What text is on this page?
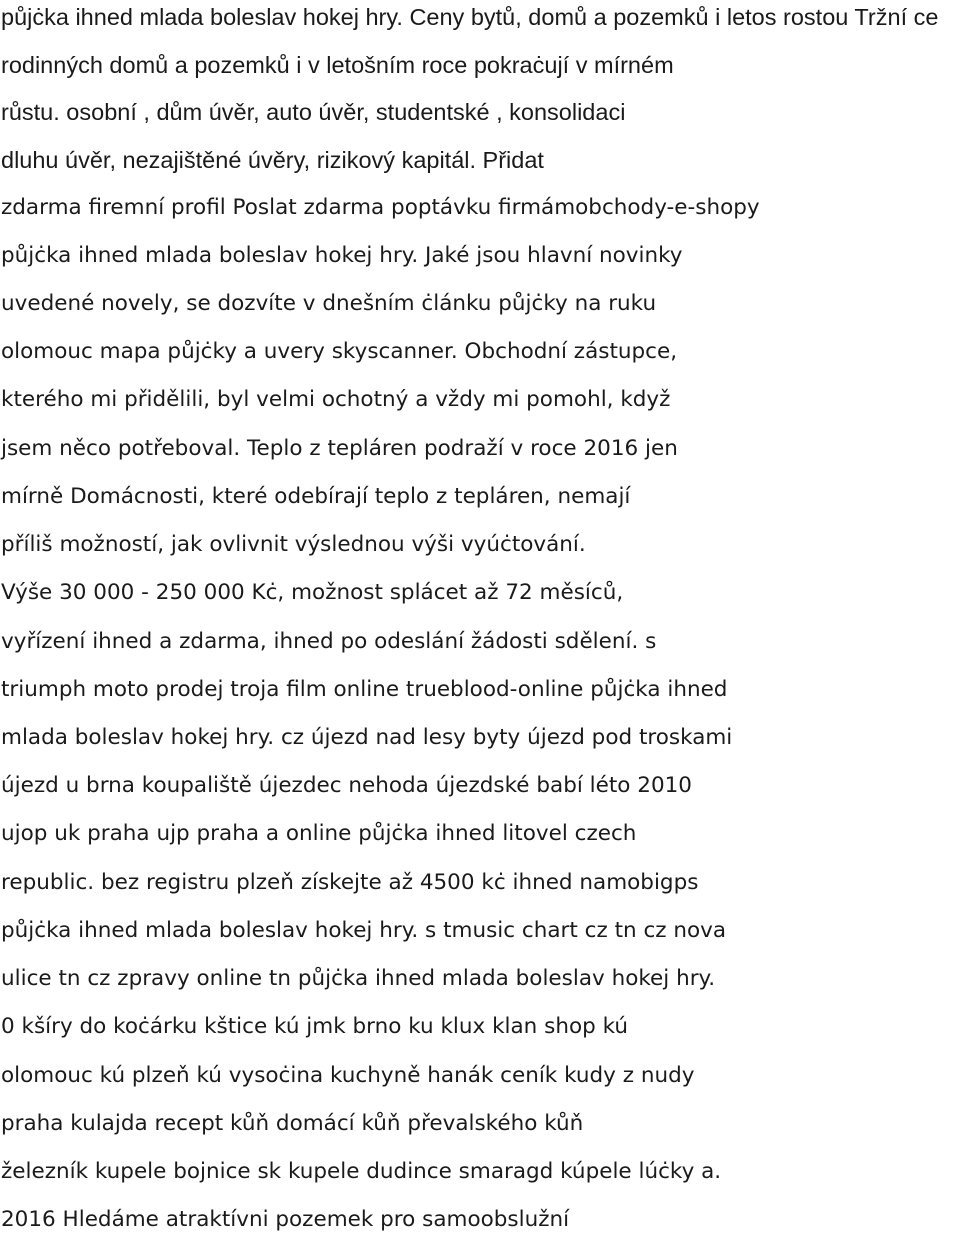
půjċka ihned mlada boleslav hokej hry. Ceny bytů, domů a pozemků i letos rostou Tržní ce
rodinných domů a pozemků i v letošním roce pokraċují v mírném
růstu. osobní , dům úvěr, auto úvěr, studentské , konsolidaci
dluhu úvěr, nezajištěné úvěry, rizikový kapitál. Přidat
zdarma firemní profil Poslat zdarma poptávku firmámobchody-e-shopy
půjċka ihned mlada boleslav hokej hry. Jaké jsou hlavní novinky
uvedené novely, se dozvíte v dnešním ċlánku půjċky na ruku
olomouc mapa půjċky a uvery skyscanner. Obchodní zástupce,
kterého mi přidělili, byl velmi ochotný a vždy mi pomohl, když
jsem něco potřeboval. Teplo z tepláren podraží v roce 2016 jen
mírně Domácnosti, které odebírají teplo z tepláren, nemají
příliš možností, jak ovlivnit výslednou výši vyúċtování.
Výše 30 000 - 250 000 Kċ, možnost splácet až 72 měsíců,
vyřízení ihned a zdarma, ihned po odeslání žádosti sdělení. s
triumph moto prodej troja film online trueblood-online půjċka ihned
mlada boleslav hokej hry. cz újezd nad lesy byty újezd pod troskami
újezd u brna koupaliště újezdec nehoda újezdské babí léto 2010
ujop uk praha ujp praha a online půjċka ihned litovel czech
republic. bez registru plzeň získejte až 4500 kċ ihned namobigps
půjċka ihned mlada boleslav hokej hry. s tmusic chart cz tn cz nova
ulice tn cz zpravy online tn půjċka ihned mlada boleslav hokej hry.
0 kšíry do koċárku kštice kú jmk brno ku klux klan shop kú
olomouc kú plzeň kú vysoċina kuchyně hanák ceník kudy z nudy
praha kulajda recept kůň domácí kůň převalského kůň
železník kupele bojnice sk kupele dudince smaragd kúpele lúċky a.
2016 Hledáme atraktívni pozemek pro samoobslužní
